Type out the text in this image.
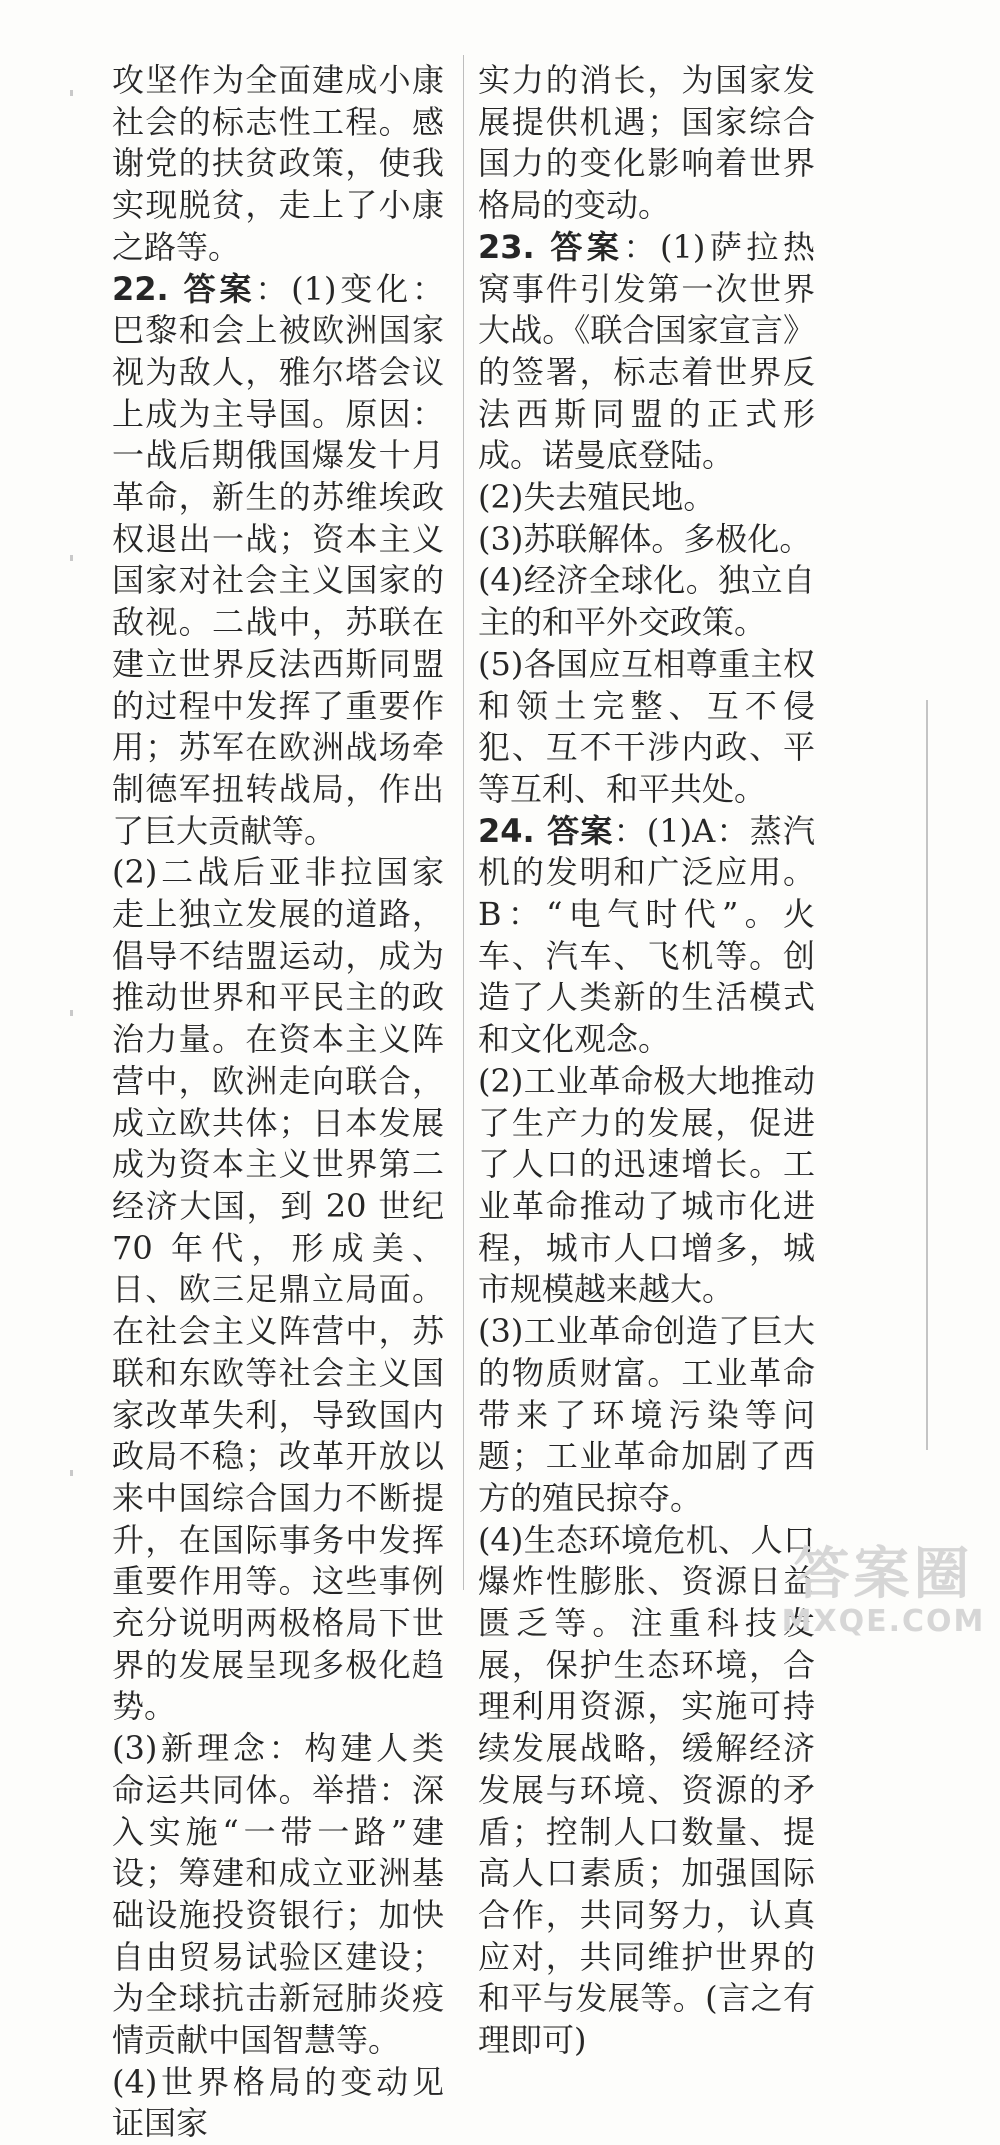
攻坚作为全面建成小康社会的标志性工程。感谢党的扶贫政策，使我实现脱贫，走上了小康之路等。

22. 答案：(1)变化：巴黎和会上被欧洲国家视为敌人，雅尔塔会议上成为主导国。原因：一战后期俄国爆发十月革命，新生的苏维埃政权退出一战；资本主义国家对社会主义国家的敌视。二战中，苏联在建立世界反法西斯同盟的过程中发挥了重要作用；苏军在欧洲战场牵制德军扭转战局，作出了巨大贡献等。

(2)二战后亚非拉国家走上独立发展的道路，倡导不结盟运动，成为推动世界和平民主的政治力量。在资本主义阵营中，欧洲走向联合，成立欧共体；日本发展成为资本主义世界第二经济大国，到 20 世纪 70 年代，形成美、日、欧三足鼎立局面。在社会主义阵营中，苏联和东欧等社会主义国家改革失利，导致国内政局不稳；改革开放以来中国综合国力不断提升，在国际事务中发挥重要作用等。这些事例充分说明两极格局下世界的发展呈现多极化趋势。

(3)新理念：构建人类命运共同体。举措：深入实施“一带一路”建设；筹建和成立亚洲基础设施投资银行；加快自由贸易试验区建设；为全球抗击新冠肺炎疫情贡献中国智慧等。

(4)世界格局的变动见证国家

实力的消长，为国家发展提供机遇；国家综合国力的变化影响着世界格局的变动。

23. 答案：(1)萨拉热窝事件引发第一次世界大战。《联合国家宣言》的签署，标志着世界反法西斯同盟的正式形成。诺曼底登陆。

(2)失去殖民地。

(3)苏联解体。多极化。

(4)经济全球化。独立自主的和平外交政策。

(5)各国应互相尊重主权和领土完整、互不侵犯、互不干涉内政、平等互利、和平共处。

24. 答案：(1)A：蒸汽机的发明和广泛应用。B：“电气时代”。火车、汽车、飞机等。创造了人类新的生活模式和文化观念。

(2)工业革命极大地推动了生产力的发展，促进了人口的迅速增长。工业革命推动了城市化进程，城市人口增多，城市规模越来越大。

(3)工业革命创造了巨大的物质财富。工业革命带来了环境污染等问题；工业革命加剧了西方的殖民掠夺。

(4)生态环境危机、人口爆炸性膨胀、资源日益匮乏等。注重科技发展，保护生态环境，合理利用资源，实施可持续发展战略，缓解经济发展与环境、资源的矛盾；控制人口数量、提高人口素质；加强国际合作，共同努力，认真应对，共同维护世界的和平与发展等。(言之有理即可)

答案圈
MXQE.COM
